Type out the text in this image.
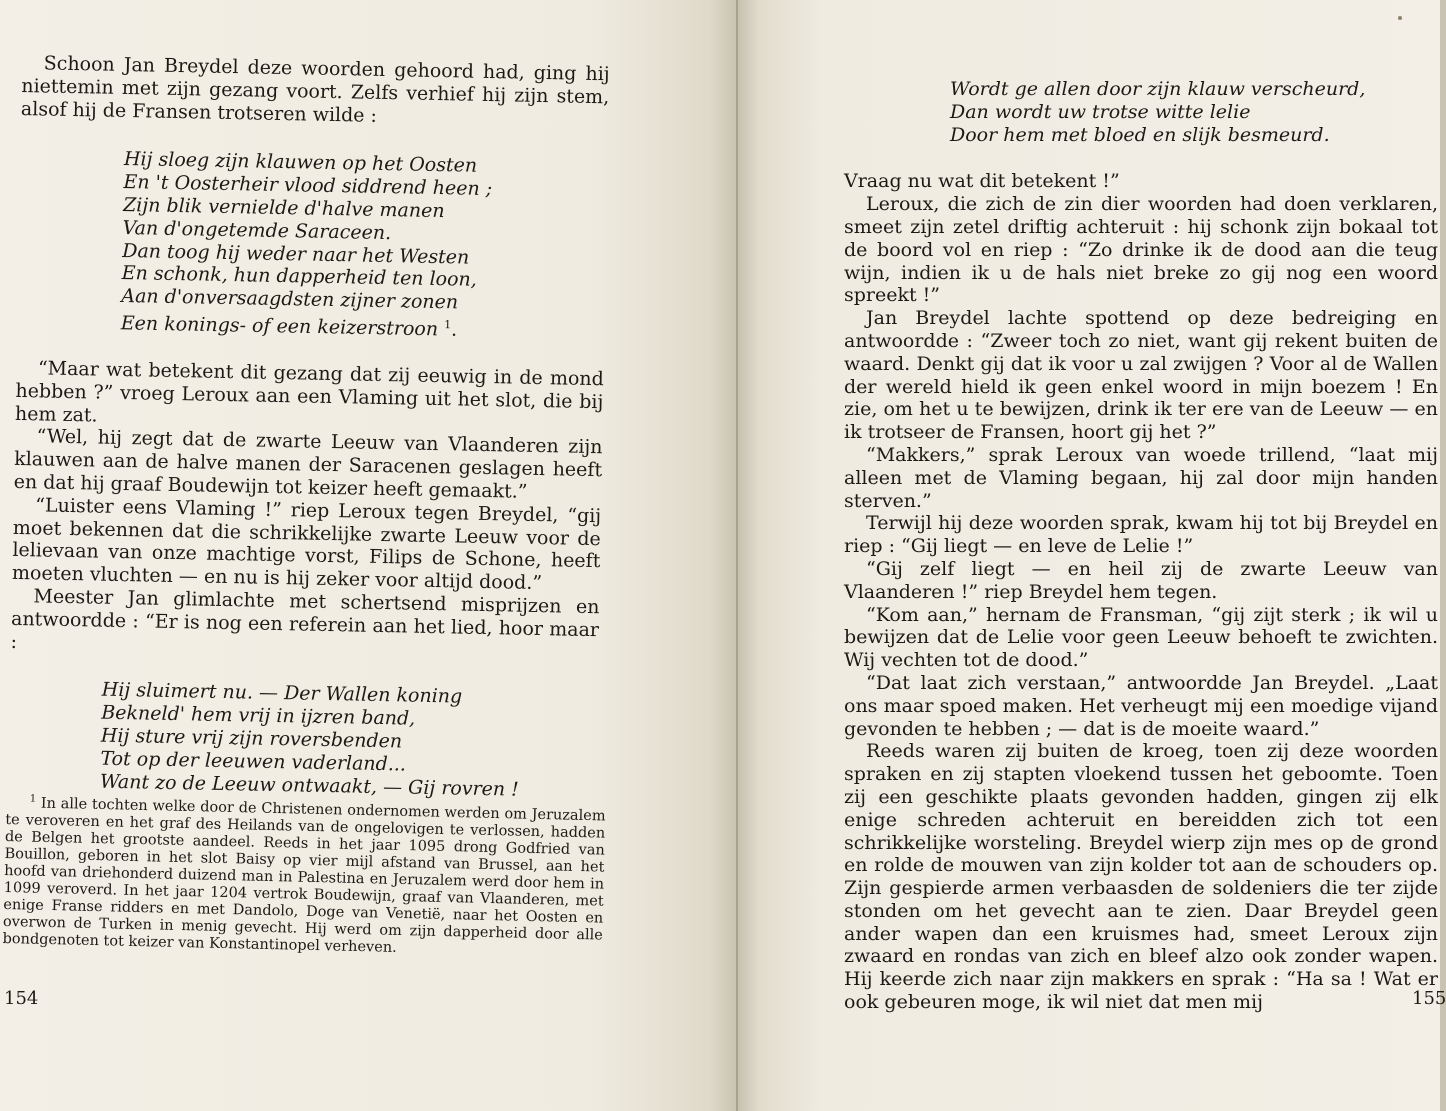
Schoon Jan Breydel deze woorden gehoord had, ging hij niettemin met zijn gezang voort. Zelfs verhief hij zijn stem, alsof hij de Fransen trotseren wilde :

Hij sloeg zijn klauwen op het Oosten
En 't Oosterheir vlood siddrend heen ;
Zijn blik vernielde d'halve manen
Van d'ongetemde Saraceen.
Dan toog hij weder naar het Westen
En schonk, hun dapperheid ten loon,
Aan d'onversaagdsten zijner zonen
Een konings- of een keizerstroon $^1$.

“Maar wat betekent dit gezang dat zij eeuwig in de mond hebben ?” vroeg Leroux aan een Vlaming uit het slot, die bij hem zat.

“Wel, hij zegt dat de zwarte Leeuw van Vlaanderen zijn klauwen aan de halve manen der Saracenen geslagen heeft en dat hij graaf Boudewijn tot keizer heeft gemaakt.”

“Luister eens Vlaming !” riep Leroux tegen Breydel, “gij moet bekennen dat die schrikkelijke zwarte Leeuw voor de lelievaan van onze machtige vorst, Filips de Schone, heeft moeten vluchten — en nu is hij zeker voor altijd dood.”

Meester Jan glimlachte met schertsend misprijzen en antwoordde : “Er is nog een referein aan het lied, hoor maar :

Hij sluimert nu. — Der Wallen koning
Bekneld' hem vrij in ijzren band,
Hij sture vrij zijn roversbenden
Tot op der leeuwen vaderland...
Want zo de Leeuw ontwaakt, — Gij rovren !

$^1$ In alle tochten welke door de Christenen ondernomen werden om Jeruzalem te veroveren en het graf des Heilands van de ongelovigen te verlossen, hadden de Belgen het grootste aandeel. Reeds in het jaar 1095 drong Godfried van Bouillon, geboren in het slot Baisy op vier mijl afstand van Brussel, aan het hoofd van driehonderd duizend man in Palestina en Jeruzalem werd door hem in 1099 veroverd. In het jaar 1204 vertrok Boudewijn, graaf van Vlaanderen, met enige Franse ridders en met Dandolo, Doge van Venetië, naar het Oosten en overwon de Turken in menig gevecht. Hij werd om zijn dapperheid door alle bondgenoten tot keizer van Konstantinopel verheven.

154
Wordt ge allen door zijn klauw verscheurd,
Dan wordt uw trotse witte lelie
Door hem met bloed en slijk besmeurd.

Vraag nu wat dit betekent !”

Leroux, die zich de zin dier woorden had doen verklaren, smeet zijn zetel driftig achteruit : hij schonk zijn bokaal tot de boord vol en riep : “Zo drinke ik de dood aan die teug wijn, indien ik u de hals niet breke zo gij nog een woord spreekt !”

Jan Breydel lachte spottend op deze bedreiging en antwoordde : “Zweer toch zo niet, want gij rekent buiten de waard. Denkt gij dat ik voor u zal zwijgen ? Voor al de Wallen der wereld hield ik geen enkel woord in mijn boezem ! En zie, om het u te bewijzen, drink ik ter ere van de Leeuw — en ik trotseer de Fransen, hoort gij het ?”

“Makkers,” sprak Leroux van woede trillend, “laat mij alleen met de Vlaming begaan, hij zal door mijn handen sterven.”

Terwijl hij deze woorden sprak, kwam hij tot bij Breydel en riep : “Gij liegt — en leve de Lelie !”

“Gij zelf liegt — en heil zij de zwarte Leeuw van Vlaanderen !” riep Breydel hem tegen.

“Kom aan,” hernam de Fransman, “gij zijt sterk ; ik wil u bewijzen dat de Lelie voor geen Leeuw behoeft te zwichten. Wij vechten tot de dood.”

“Dat laat zich verstaan,” antwoordde Jan Breydel. „Laat ons maar spoed maken. Het verheugt mij een moedige vijand gevonden te hebben ; — dat is de moeite waard.”

Reeds waren zij buiten de kroeg, toen zij deze woorden spraken en zij stapten vloekend tussen het geboomte. Toen zij een geschikte plaats gevonden hadden, gingen zij elk enige schreden achteruit en bereidden zich tot een schrikkelijke worsteling. Breydel wierp zijn mes op de grond en rolde de mouwen van zijn kolder tot aan de schouders op. Zijn gespierde armen verbaasden de soldeniers die ter zijde stonden om het gevecht aan te zien. Daar Breydel geen ander wapen dan een kruismes had, smeet Leroux zijn zwaard en rondas van zich en bleef alzo ook zonder wapen. Hij keerde zich naar zijn makkers en sprak : “Ha sa ! Wat er ook gebeuren moge, ik wil niet dat men mij	155
